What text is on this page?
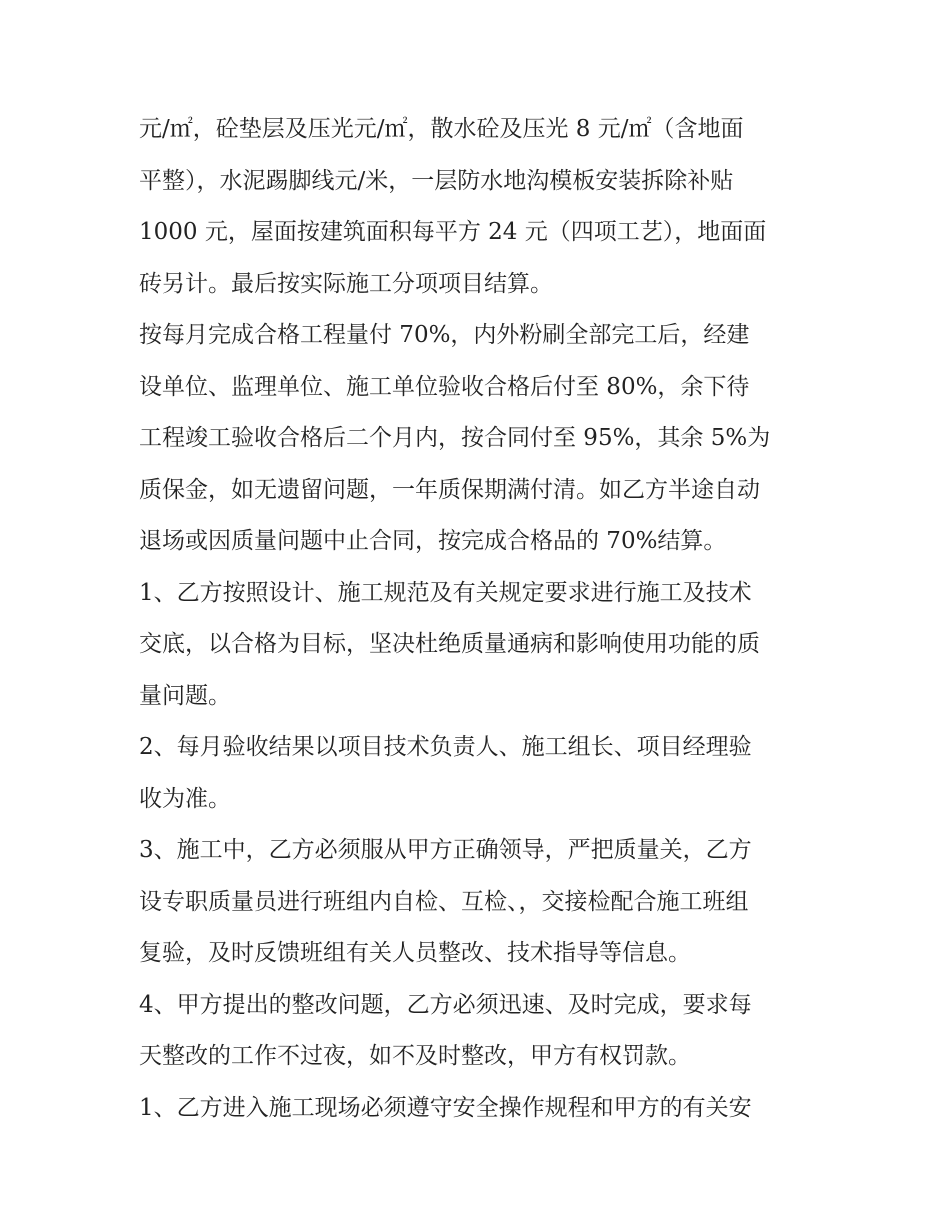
元/㎡，砼垫层及压光元/㎡，散水砼及压光 8 元/㎡（含地面
平整），水泥踢脚线元/米，一层防水地沟模板安装拆除补贴
1000 元，屋面按建筑面积每平方 24 元（四项工艺），地面面
砖另计。最后按实际施工分项项目结算。
按每月完成合格工程量付 70%，内外粉刷全部完工后，经建
设单位、监理单位、施工单位验收合格后付至 80%，余下待
工程竣工验收合格后二个月内，按合同付至 95%，其余 5%为
质保金，如无遗留问题，一年质保期满付清。如乙方半途自动
退场或因质量问题中止合同，按完成合格品的 70%结算。
1、乙方按照设计、施工规范及有关规定要求进行施工及技术
交底，以合格为目标，坚决杜绝质量通病和影响使用功能的质
量问题。
2、每月验收结果以项目技术负责人、施工组长、项目经理验
收为准。
3、施工中，乙方必须服从甲方正确领导，严把质量关，乙方
设专职质量员进行班组内自检、互检、，交接检配合施工班组
复验，及时反馈班组有关人员整改、技术指导等信息。
4、甲方提出的整改问题，乙方必须迅速、及时完成，要求每
天整改的工作不过夜，如不及时整改，甲方有权罚款。
1、乙方进入施工现场必须遵守安全操作规程和甲方的有关安
